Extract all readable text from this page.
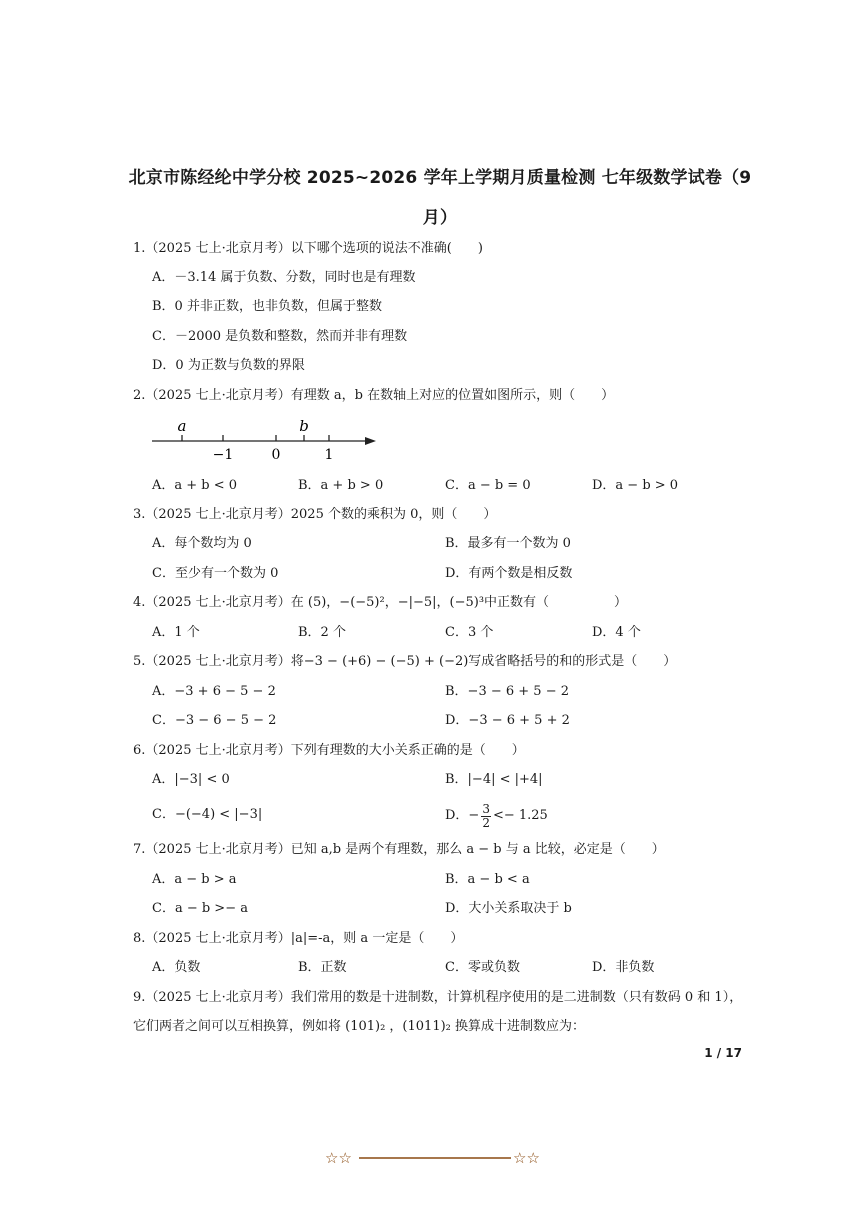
北京市陈经纶中学分校 2025~2026 学年上学期月质量检测 七年级数学试卷（9
月）
1.（2025 七上·北京月考）以下哪个选项的说法不准确(　　)
A．－3.14 属于负数、分数，同时也是有理数
B．0 并非正数，也非负数，但属于整数
C．－2000 是负数和整数，然而并非有理数
D．0 为正数与负数的界限
2.（2025 七上·北京月考）有理数 a，b 在数轴上对应的位置如图所示，则（　　）
a	b
−1	0	1
A．a + b < 0	B．a + b > 0	C．a − b = 0	D．a − b > 0
3.（2025 七上·北京月考）2025 个数的乘积为 0，则（　　）
A．每个数均为 0	B．最多有一个数为 0
C．至少有一个数为 0	D．有两个数是相反数
4.（2025 七上·北京月考）在 (5)，−(−5)²，−|−5|，(−5)³中正数有（　　　　　）
A．1 个	B．2 个	C．3 个	D．4 个
5.（2025 七上·北京月考）将−3 − (+6) − (−5) + (−2)写成省略括号的和的形式是（　　）
A．−3 + 6 − 5 − 2	B．−3 − 6 + 5 − 2
C．−3 − 6 − 5 − 2	D．−3 − 6 + 5 + 2
6.（2025 七上·北京月考）下列有理数的大小关系正确的是（　　）
A．|−3| < 0	B．|−4| < |+4|
C．−(−4) < |−3|	D．− $\frac{3}{2} <- 1.25$
7.（2025 七上·北京月考）已知 a,b 是两个有理数，那么 a − b 与 a 比较，必定是（　　）
A．a − b > a	B．a − b < a
C．a − b >− a	D．大小关系取决于 b
8.（2025 七上·北京月考）|a|=-a，则 a 一定是（　　）
A．负数	B．正数	C．零或负数	D．非负数
9.（2025 七上·北京月考）我们常用的数是十进制数，计算机程序使用的是二进制数（只有数码 0 和 1），
它们两者之间可以互相换算，例如将 (101)₂ ，(1011)₂ 换算成十进制数应为：
1 / 17
☆☆	☆☆
